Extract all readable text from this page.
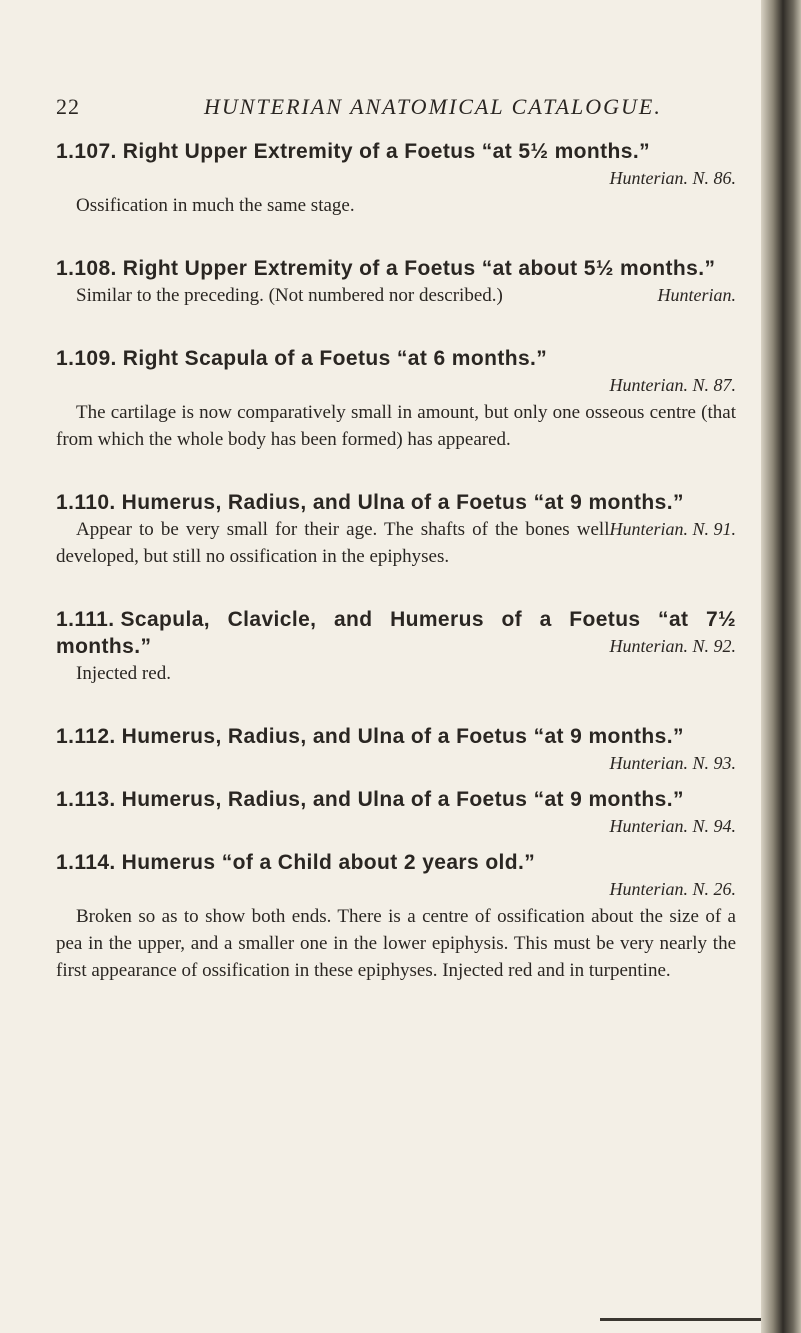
22	HUNTERIAN ANATOMICAL CATALOGUE.
1.107. Right Upper Extremity of a Foetus “at 5½ months.”
Hunterian. N. 86.
Ossification in much the same stage.
1.108. Right Upper Extremity of a Foetus “at about 5½ months.”
Hunterian.
Similar to the preceding. (Not numbered nor described.)
1.109. Right Scapula of a Foetus “at 6 months.”
Hunterian. N. 87.
The cartilage is now comparatively small in amount, but only one osseous centre (that from which the whole body has been formed) has appeared.
1.110. Humerus, Radius, and Ulna of a Foetus “at 9 months.”
Hunterian. N. 91.
Appear to be very small for their age. The shafts of the bones well developed, but still no ossification in the epiphyses.
1.111. Scapula, Clavicle, and Humerus of a Foetus “at 7½ months.”	Hunterian. N. 92.
Injected red.
1.112. Humerus, Radius, and Ulna of a Foetus “at 9 months.”
Hunterian. N. 93.
1.113. Humerus, Radius, and Ulna of a Foetus “at 9 months.”
Hunterian. N. 94.
1.114. Humerus “of a Child about 2 years old.”
Hunterian. N. 26.
Broken so as to show both ends. There is a centre of ossification about the size of a pea in the upper, and a smaller one in the lower epiphysis. This must be very nearly the first appearance of ossification in these epiphyses. Injected red and in turpentine.
